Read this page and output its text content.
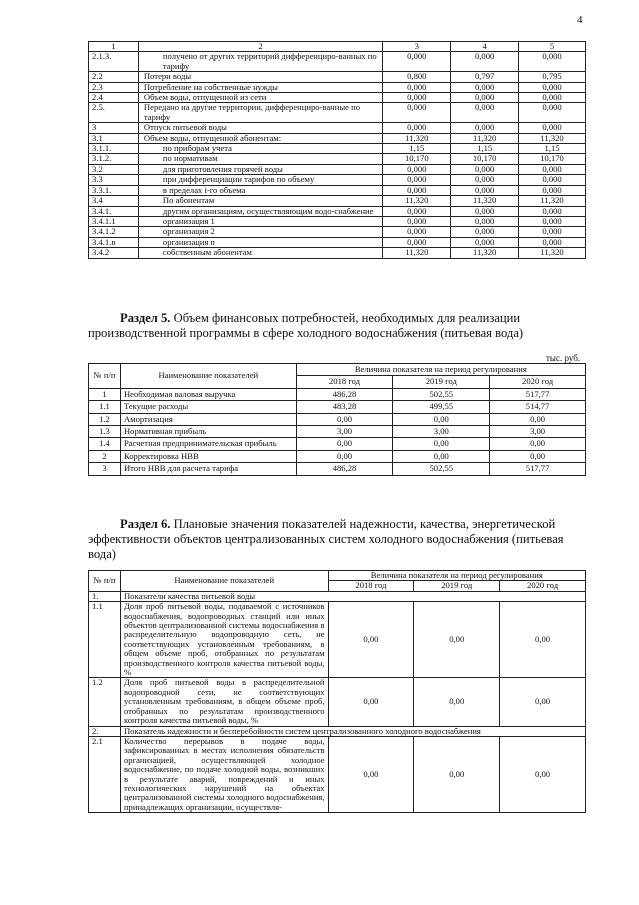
4
1	2	3	4	5
2.1.3.	получено от других территорий дифференциро-ванных по тарифу	0,000	0,000	0,000
2.2	Потери воды	0,800	0,797	0,795
2.3	Потребление на собственные нужды	0,000	0,000	0,000
2.4	Объем воды, отпущенной из сети	0,000	0,000	0,000
2.5.	Передано на другие территории, дифференциро-ванные по тарифу	0,000	0,000	0,000
3	Отпуск питьевой воды	0,000	0,000	0,000
3.1	Объем воды, отпущенной абонентам:	11,320	11,320	11,320
3.1.1.	по приборам учета	1,15	1,15	1,15
3.1.2.	по нормативам	10,170	10,170	10,170
3.2	для приготовления горячей воды	0,000	0,000	0,000
3.3	при дифференциации тарифов по объему	0,000	0,000	0,000
3.3.1.	в пределах i-го объема	0,000	0,000	0,000
3.4	По абонентам	11,320	11,320	11,320
3.4.1.	другим организациям, осуществляющим водо-снабжение	0,000	0,000	0,000
3.4.1.1	организация 1	0,000	0,000	0,000
3.4.1.2	организация 2	0,000	0,000	0,000
3.4.1.n	организация n	0,000	0,000	0,000
3.4.2	собственным абонентам	11,320	11,320	11,320
Раздел 5. Объем финансовых потребностей, необходимых для реализации производственной программы в сфере холодного водоснабжения (питьевая вода)
тыс. руб.
№ п/п	Наименование показателей	Величина показателя на период регулирования		
		2018 год	2019 год	2020 год
1	Необходимая валовая выручка	486,28	502,55	517,77
1.1	Текущие расходы	483,28	499,55	514,77
1.2	Амортизация	0,00	0,00	0,00
1.3	Нормативная прибыль	3,00	3,00	3,00
1.4	Расчетная предпринимательская прибыль	0,00	0,00	0,00
2	Корректировка НВВ	0,00	0,00	0,00
3	Итого НВВ для расчета тарифа	486,28	502,55	517,77
Раздел 6. Плановые значения показателей надежности, качества, энергетической эффективности объектов централизованных систем холодного водоснабжения (питьевая вода)
№ п/п	Наименование показателей	Величина показателя на период регулирования		
		2018 год	2019 год	2020 год
1.	Показатели качества питьевой воды			
1.1	Доля проб питьевой воды, подаваемой с источников водоснабжения, водопроводных станций или иных объектов централизованной системы водоснабжения в распределительную водопроводную сеть, не соответствующих установленным требованиям, в общем объеме проб, отобранных по результатам производственного контроля качества питьевой воды, %	0,00	0,00	0,00
1.2	Доля проб питьевой воды в распределительной водопроводной сети, не соответствующих установленным требованиям, в общем объеме проб, отобранных по результатам производственного контроля качества питьевой воды, %	0,00	0,00	0,00
2.	Показатель надежности и бесперебойности систем централизованного холодного водоснабжения			
2.1	Количество перерывов в подаче воды, зафиксированных в местах исполнения обязательств организацией, осуществляющей холодное водоснабжение, по подаче холодной воды, возникших в результате аварий, повреждений и иных технологических нарушений на объектах централизованной системы холодного водоснабжения, принадлежащих организации, осуществля-	0,00	0,00	0,00
